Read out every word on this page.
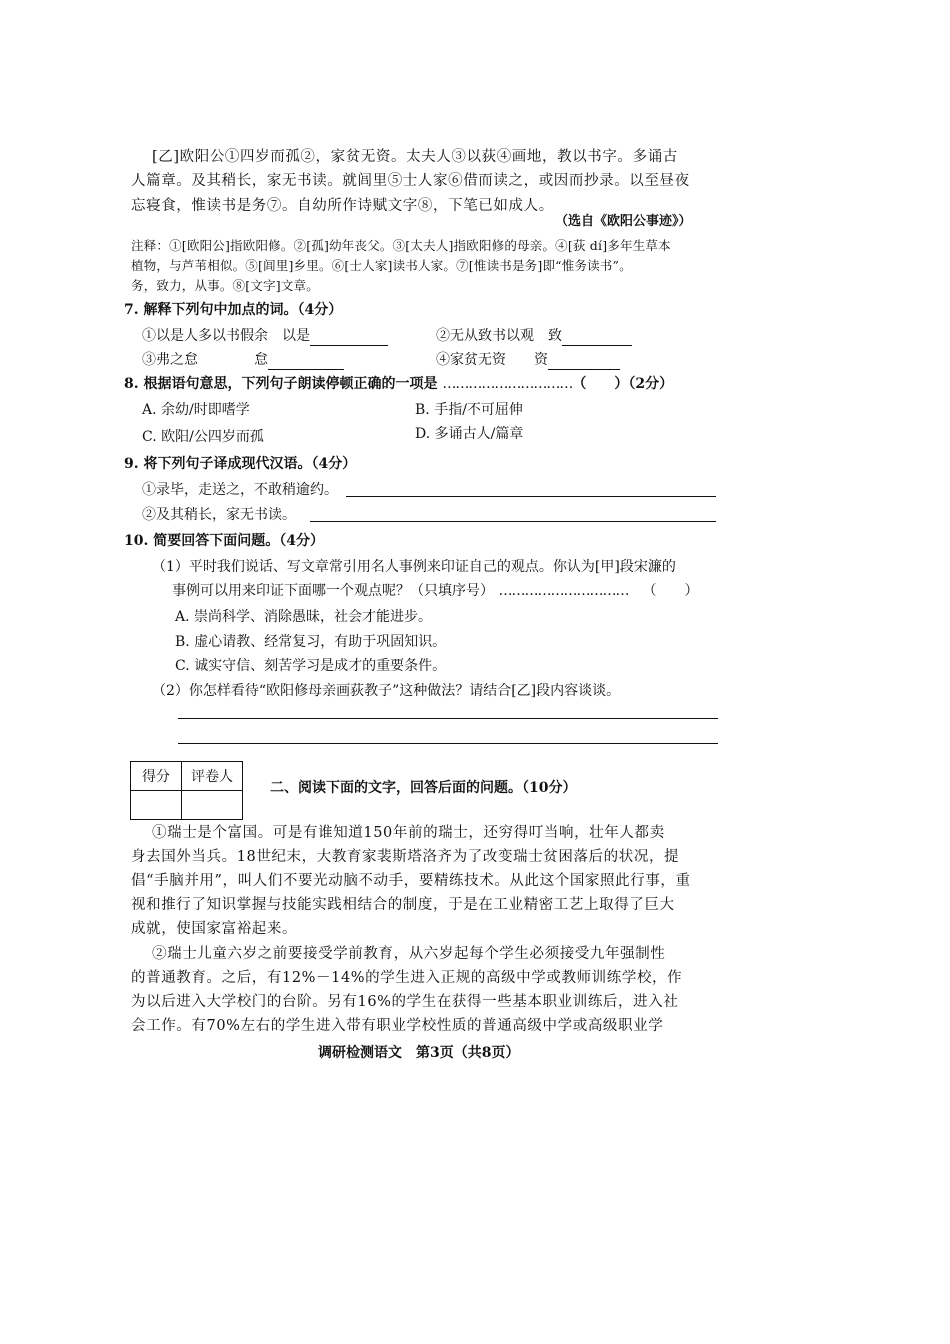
[乙]欧阳公①四岁而孤②，家贫无资。太夫人③以荻④画地，教以书字。多诵古
人篇章。及其稍长，家无书读。就闾里⑤士人家⑥借而读之，或因而抄录。以至昼夜
忘寝食，惟读书是务⑦。自幼所作诗赋文字⑧，下笔已如成人。
（选自《欧阳公事迹》）
注释：①[欧阳公]指欧阳修。②[孤]幼年丧父。③[太夫人]指欧阳修的母亲。④[荻 dí]多年生草本
植物，与芦苇相似。⑤[闾里]乡里。⑥[士人家]读书人家。⑦[惟读书是务]即“惟务读书”。
务，致力，从事。⑧[文字]文章。
7. 解释下列句中加点的词。（4分）
①以是人多以书假余　 以是	②无从致书以观　 致
③弗之怠　　　　	怠	④家贫无资　　 资
8. 根据语句意思，下列句子朗读停顿正确的一项是 …………………………（　　）（2分）
A. 余幼/时即嗜学	B. 手指/不可屈伸
C. 欧阳/公四岁而孤	D. 多诵古人/篇章
9. 将下列句子译成现代汉语。（4分）
①录毕，走送之，不敢稍逾约。
②及其稍长，家无书读。
10. 简要回答下面问题。（4分）
（1）平时我们说话、写文章常引用名人事例来印证自己的观点。你认为[甲]段宋濂的
事例可以用来印证下面哪一个观点呢？（只填序号） ………………………… （　　）
A. 崇尚科学、消除愚昧，社会才能进步。
B. 虚心请教、经常复习，有助于巩固知识。
C. 诚实守信、刻苦学习是成才的重要条件。
（2）你怎样看待“欧阳修母亲画荻教子”这种做法？请结合[乙]段内容谈谈。
得分	评卷人

二、阅读下面的文字，回答后面的问题。（10分）
①瑞士是个富国。可是有谁知道150年前的瑞士，还穷得叮当响，壮年人都卖
身去国外当兵。18世纪末，大教育家裴斯塔洛齐为了改变瑞士贫困落后的状况，提
倡“手脑并用”，叫人们不要光动脑不动手，要精练技术。从此这个国家照此行事，重
视和推行了知识掌握与技能实践相结合的制度，于是在工业精密工艺上取得了巨大
成就，使国家富裕起来。
②瑞士儿童六岁之前要接受学前教育，从六岁起每个学生必须接受九年强制性
的普通教育。之后，有12%－14%的学生进入正规的高级中学或教师训练学校，作
为以后进入大学校门的台阶。另有16%的学生在获得一些基本职业训练后，进入社
会工作。有70%左右的学生进入带有职业学校性质的普通高级中学或高级职业学
调研检测语文　第3页（共8页）
